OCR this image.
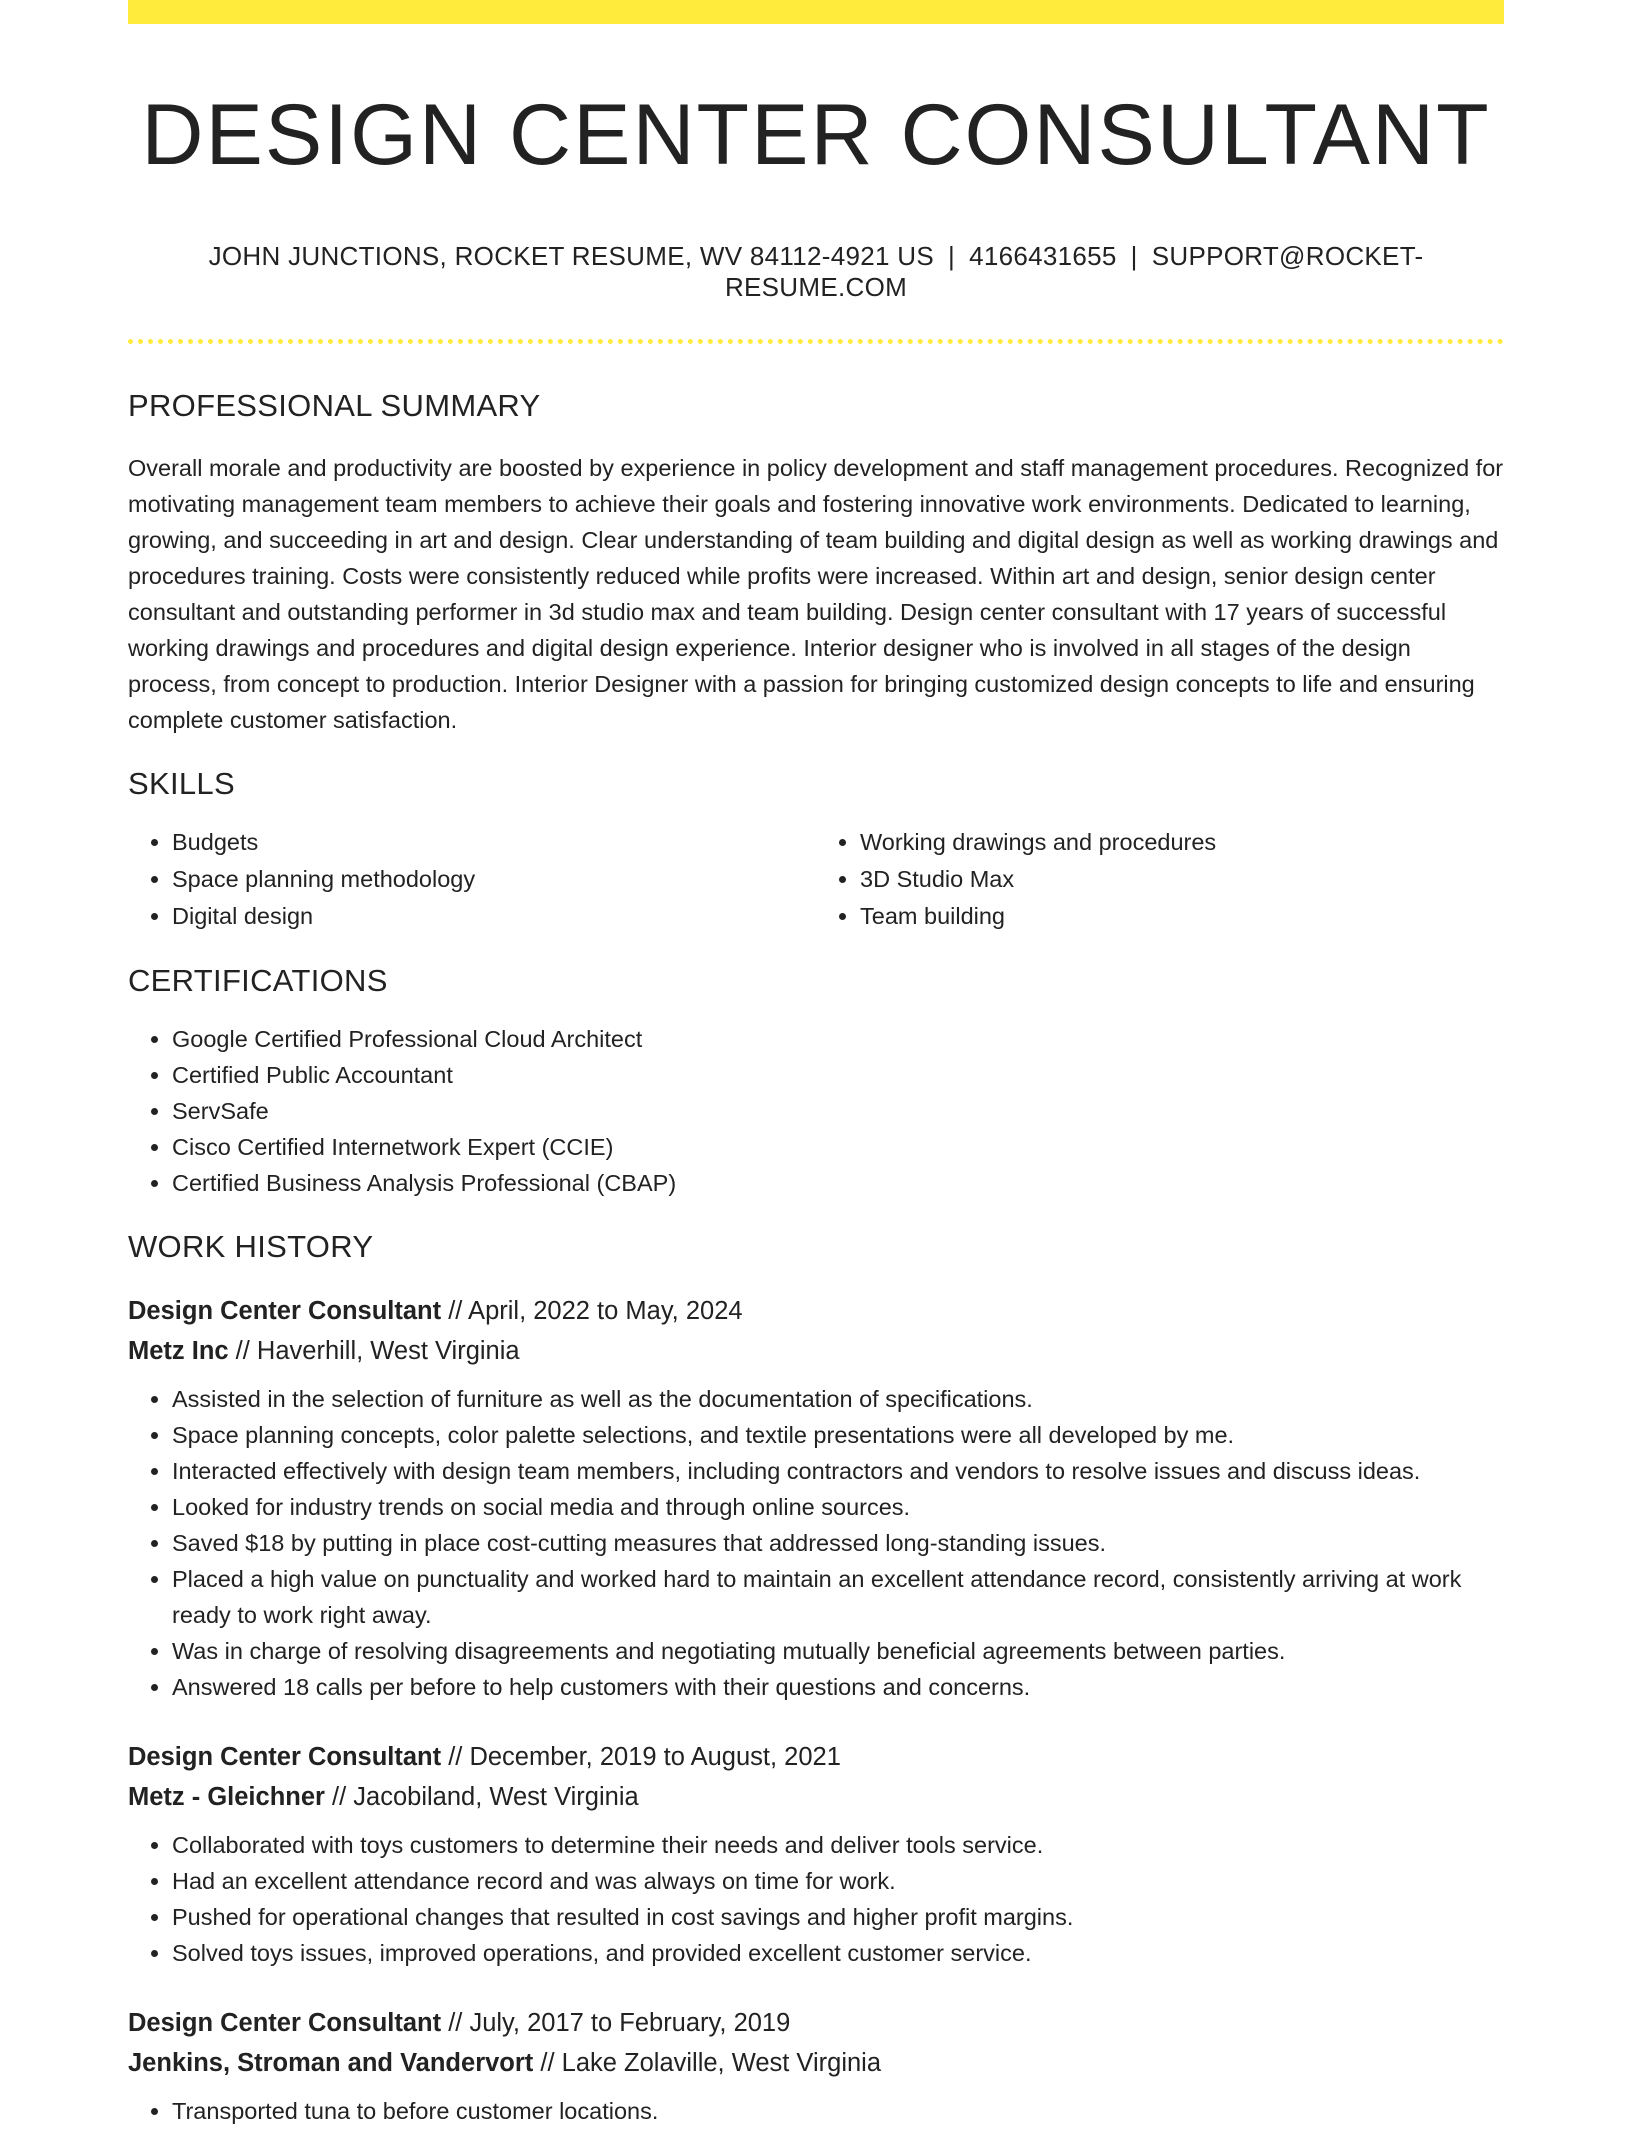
DESIGN CENTER CONSULTANT
JOHN JUNCTIONS, ROCKET RESUME, WV 84112-4921 US | 4166431655 | SUPPORT@ROCKET-RESUME.COM
PROFESSIONAL SUMMARY
Overall morale and productivity are boosted by experience in policy development and staff management procedures. Recognized for motivating management team members to achieve their goals and fostering innovative work environments. Dedicated to learning, growing, and succeeding in art and design. Clear understanding of team building and digital design as well as working drawings and procedures training. Costs were consistently reduced while profits were increased. Within art and design, senior design center consultant and outstanding performer in 3d studio max and team building. Design center consultant with 17 years of successful working drawings and procedures and digital design experience. Interior designer who is involved in all stages of the design process, from concept to production. Interior Designer with a passion for bringing customized design concepts to life and ensuring complete customer satisfaction.
SKILLS
• Budgets
• Space planning methodology
• Digital design
• Working drawings and procedures
• 3D Studio Max
• Team building
CERTIFICATIONS
• Google Certified Professional Cloud Architect
• Certified Public Accountant
• ServSafe
• Cisco Certified Internetwork Expert (CCIE)
• Certified Business Analysis Professional (CBAP)
WORK HISTORY
Design Center Consultant // April, 2022 to May, 2024
Metz Inc // Haverhill, West Virginia
• Assisted in the selection of furniture as well as the documentation of specifications.
• Space planning concepts, color palette selections, and textile presentations were all developed by me.
• Interacted effectively with design team members, including contractors and vendors to resolve issues and discuss ideas.
• Looked for industry trends on social media and through online sources.
• Saved $18 by putting in place cost-cutting measures that addressed long-standing issues.
• Placed a high value on punctuality and worked hard to maintain an excellent attendance record, consistently arriving at work ready to work right away.
• Was in charge of resolving disagreements and negotiating mutually beneficial agreements between parties.
• Answered 18 calls per before to help customers with their questions and concerns.
Design Center Consultant // December, 2019 to August, 2021
Metz - Gleichner // Jacobiland, West Virginia
• Collaborated with toys customers to determine their needs and deliver tools service.
• Had an excellent attendance record and was always on time for work.
• Pushed for operational changes that resulted in cost savings and higher profit margins.
• Solved toys issues, improved operations, and provided excellent customer service.
Design Center Consultant // July, 2017 to February, 2019
Jenkins, Stroman and Vandervort // Lake Zolaville, West Virginia
• Transported tuna to before customer locations.
